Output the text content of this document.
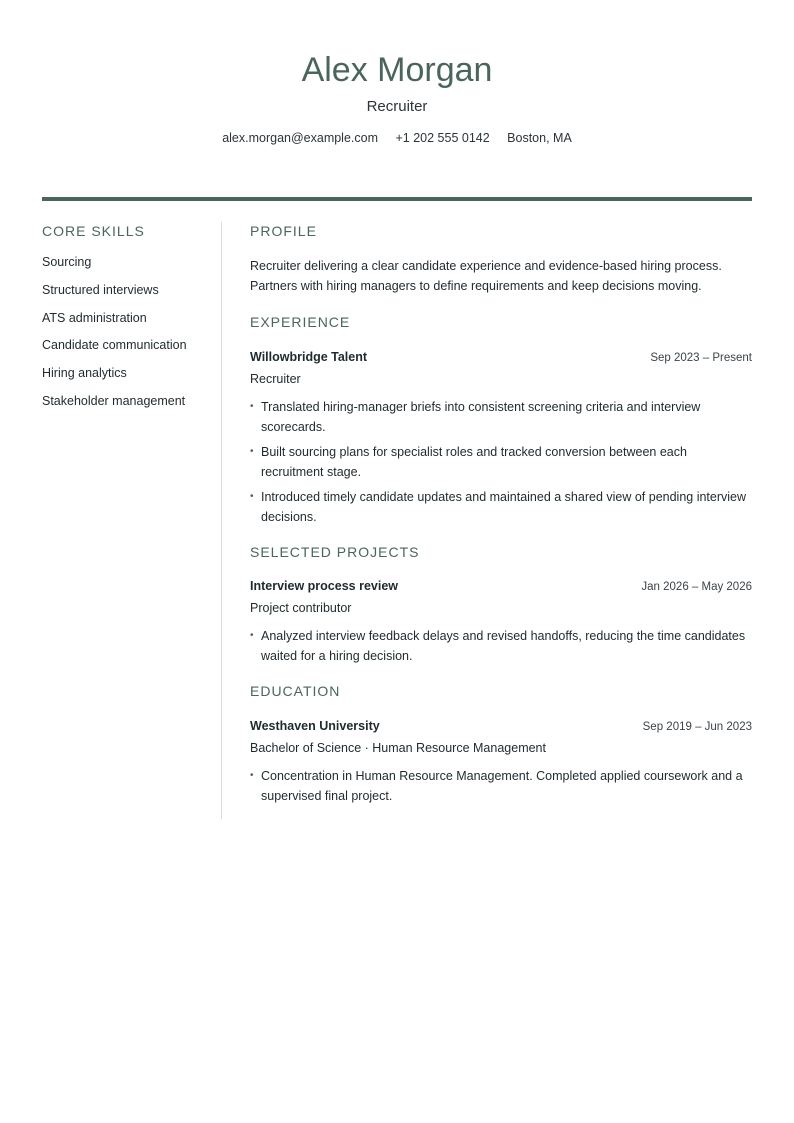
Alex Morgan
Recruiter
alex.morgan@example.com +1 202 555 0142 Boston, MA
CORE SKILLS
Sourcing
Structured interviews
ATS administration
Candidate communication
Hiring analytics
Stakeholder management
PROFILE

Recruiter delivering a clear candidate experience and evidence-based hiring process.
Partners with hiring managers to define requirements and keep decisions moving.

EXPERIENCE
Willowbridge Talent	Sep 2023 – Present
Recruiter
• Translated hiring-manager briefs into consistent screening criteria and interview scorecards.
• Built sourcing plans for specialist roles and tracked conversion between each recruitment stage.
• Introduced timely candidate updates and maintained a shared view of pending interview decisions.
SELECTED PROJECTS
Interview process review	Jan 2026 – May 2026
Project contributor
• Analyzed interview feedback delays and revised handoffs, reducing the time candidates waited for a hiring decision.
EDUCATION
Westhaven University	Sep 2019 – Jun 2023
Bachelor of Science · Human Resource Management
• Concentration in Human Resource Management. Completed applied coursework and a supervised final project.
